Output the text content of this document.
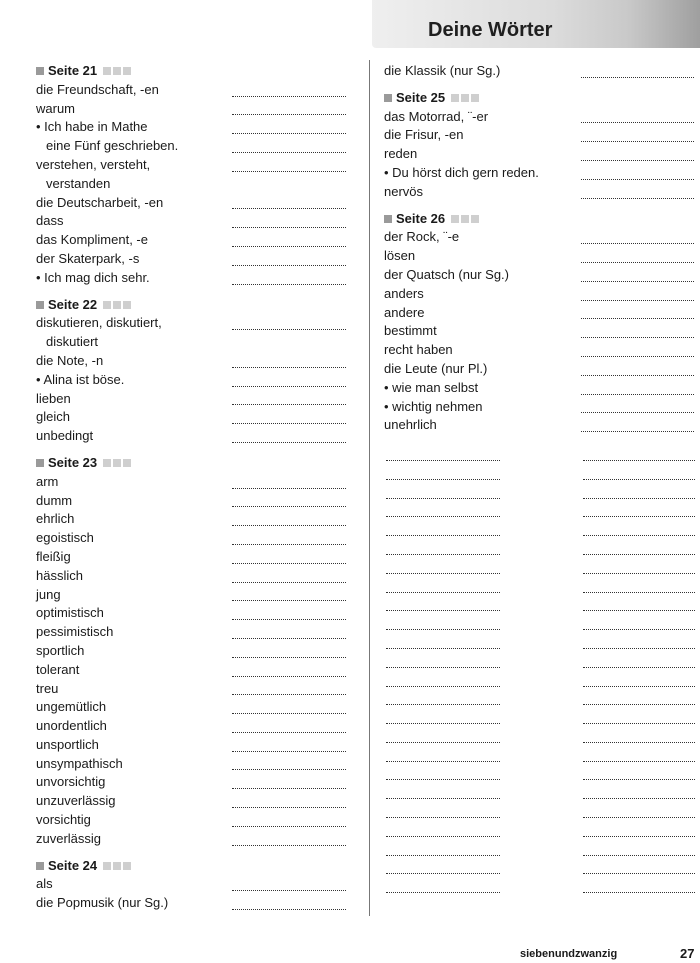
Deine Wörter
Seite 21
die Freundschaft, -en
warum
• Ich habe in Mathe
eine Fünf geschrieben.
verstehen, versteht,
verstanden
die Deutscharbeit, -en
dass
das Kompliment, -e
der Skaterpark, -s
• Ich mag dich sehr.
Seite 22
diskutieren, diskutiert,
diskutiert
die Note, -n
• Alina ist böse.
lieben
gleich
unbedingt
Seite 23
arm
dumm
ehrlich
egoistisch
fleißig
hässlich
jung
optimistisch
pessimistisch
sportlich
tolerant
treu
ungemütlich
unordentlich
unsportlich
unsympathisch
unvorsichtig
unzuverlässig
vorsichtig
zuverlässig
Seite 24
als
die Popmusik (nur Sg.)
die Klassik (nur Sg.)
Seite 25
das Motorrad, ¨-er
die Frisur, -en
reden
• Du hörst dich gern reden.
nervös
Seite 26
der Rock, ¨-e
lösen
der Quatsch (nur Sg.)
anders
andere
bestimmt
recht haben
die Leute (nur Pl.)
• wie man selbst
• wichtig nehmen
unehrlich
siebenundzwanzig	27
